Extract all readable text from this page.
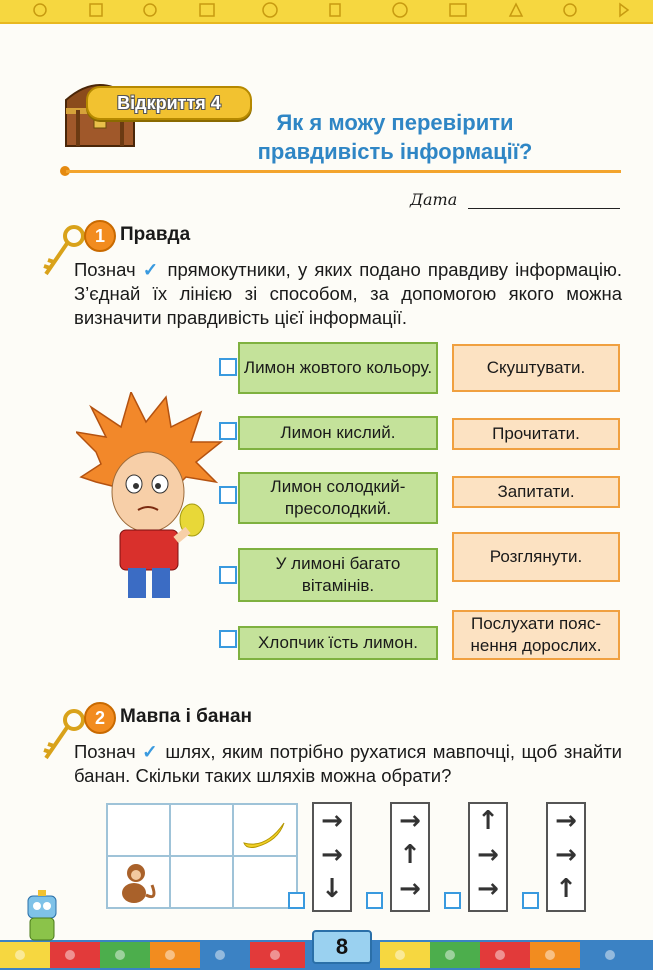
Відкриття 4
Як я можу перевірити
правдивість інформації?
Дата
1 Правда
Познач ✓ прямокутники, у яких подано правдиву інформацію. З’єднай їх лінією зі способом, за допомогою якого можна визначити правдивість цієї інформації.
Лимон жовтого кольору.
Лимон кислий.
Лимон солодкий-пресолодкий.
У лимоні багато вітамінів.
Хлопчик їсть лимон.
Скуштувати.
Прочитати.
Запитати.
Розглянути.
Послухати пояснення дорослих.
2 Мавпа і банан
Познач ✓ шлях, яким потрібно рухатися мавпочці, щоб знайти банан. Скільки таких шляхів можна обрати?
→
→
↓
→
↑
→
↑
→
→
→
→
↑
8
